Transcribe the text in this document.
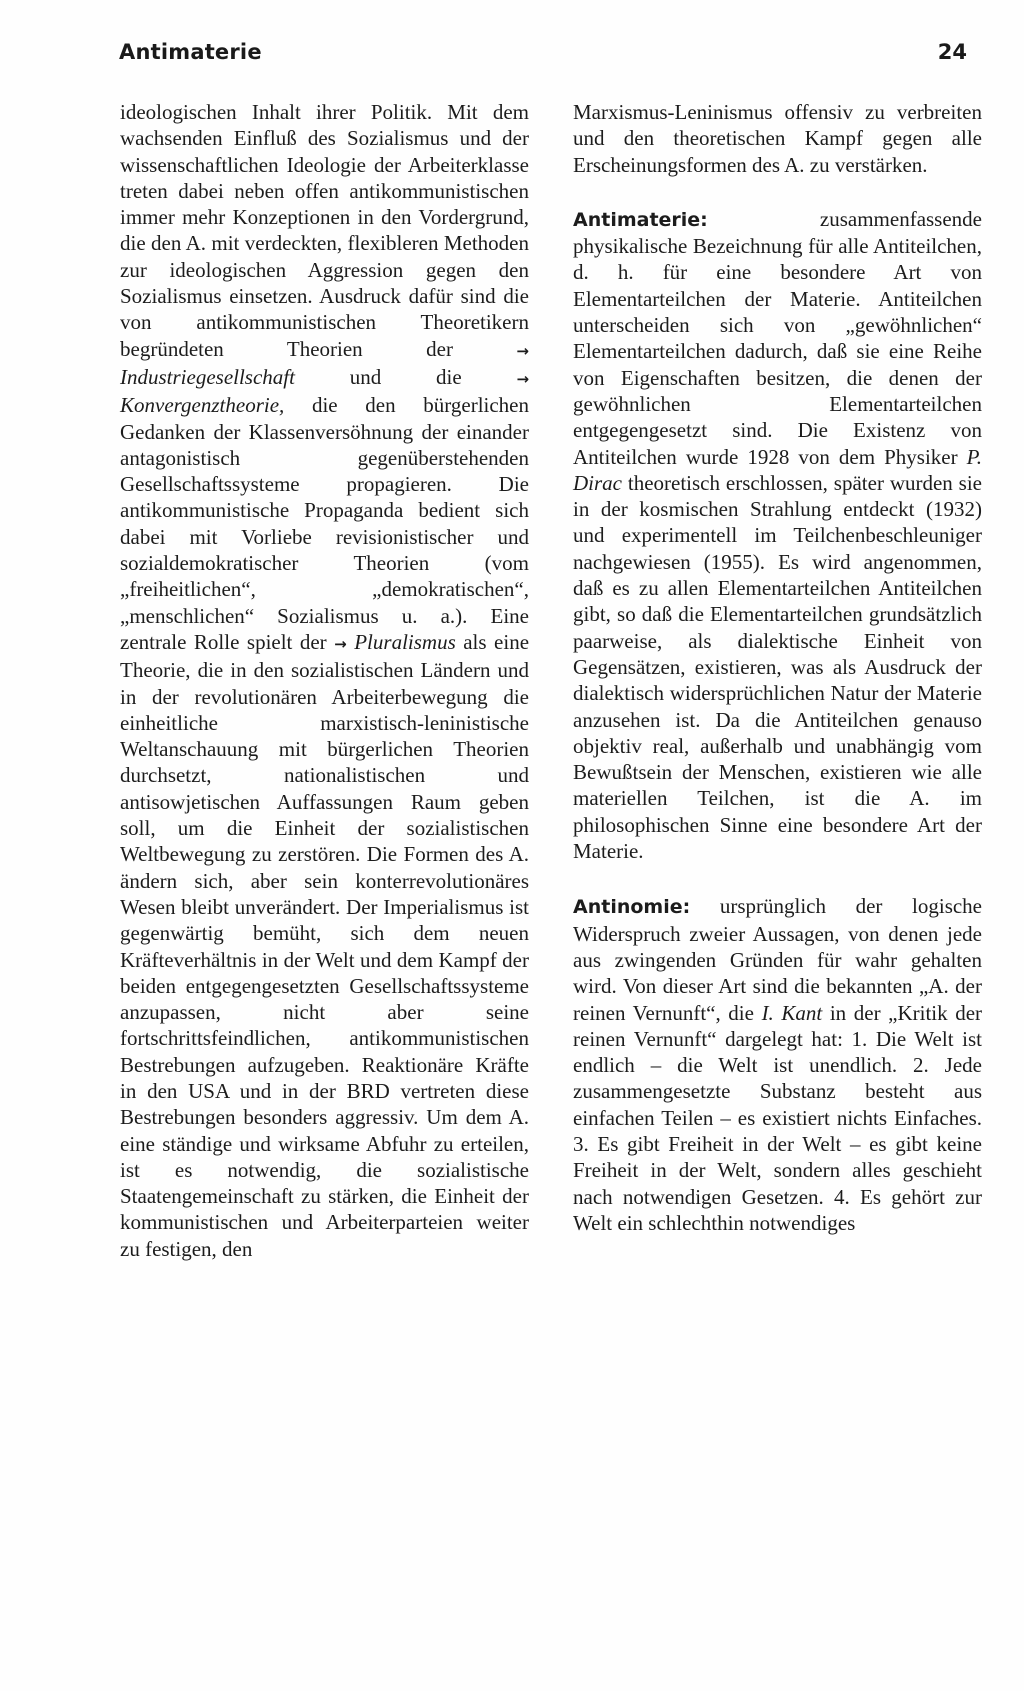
Antimaterie	24

ideologischen Inhalt ihrer Politik. Mit dem wachsenden Einfluß des Sozialismus und der wissenschaftlichen Ideologie der Arbeiterklasse treten dabei neben offen antikommunistischen immer mehr Konzeptionen in den Vordergrund, die den A. mit verdeckten, flexibleren Methoden zur ideologischen Aggression gegen den Sozialismus einsetzen. Ausdruck dafür sind die von antikommunistischen Theoretikern begründeten Theorien der	→ Industriegesellschaft	und die	→ Konvergenztheorie, die den bürgerlichen Gedanken der Klassenversöhnung der einander antagonistisch gegenüberstehenden Gesellschaftssysteme propagieren. Die antikommunistische Propaganda bedient sich dabei mit Vorliebe revisionistischer und sozialdemokratischer Theorien (vom „freiheitlichen“, „demokratischen“, „menschlichen“ Sozialismus u. a.). Eine zentrale Rolle spielt der → Pluralismus als eine Theorie, die in den sozialistischen Ländern und in der revolutionären Arbeiterbewegung die einheitliche marxistisch-leninistische Weltanschauung mit bürgerlichen Theorien durchsetzt, nationalistischen und antisowjetischen Auffassungen Raum geben soll, um die Einheit der sozialistischen Weltbewegung zu zerstören. Die Formen des A. ändern sich, aber sein konterrevolutionäres Wesen bleibt unverändert. Der Imperialismus ist gegenwärtig bemüht, sich dem neuen Kräfteverhältnis in der Welt und dem Kampf der beiden entgegengesetzten Gesellschaftssysteme anzupassen, nicht aber seine fortschrittsfeindlichen, antikommunistischen Bestrebungen aufzugeben. Reaktionäre Kräfte in den USA und in der BRD vertreten diese Bestrebungen besonders aggressiv. Um dem A. eine ständige und wirksame Abfuhr zu erteilen, ist es notwendig, die sozialistische Staatengemeinschaft zu stärken, die Einheit der kommunistischen und Arbeiterparteien weiter zu festigen, den

Marxismus-Leninismus offensiv zu verbreiten und den theoretischen Kampf gegen alle Erscheinungsformen des A. zu verstärken.

Antimaterie:	zusammenfassende physikalische Bezeichnung für alle Antiteilchen, d. h. für eine besondere Art von Elementarteilchen der Materie. Antiteilchen unterscheiden sich von „gewöhnlichen“ Elementarteilchen dadurch, daß sie eine Reihe von Eigenschaften besitzen, die denen der gewöhnlichen Elementarteilchen entgegengesetzt sind. Die Existenz von Antiteilchen wurde 1928 von dem Physiker P. Dirac theoretisch erschlossen, später wurden sie in der kosmischen Strahlung entdeckt (1932) und experimentell im Teilchenbeschleuniger nachgewiesen (1955). Es wird angenommen, daß es zu allen Elementarteilchen Antiteilchen gibt, so daß die Elementarteilchen grundsätzlich paarweise, als dialektische Einheit von Gegensätzen, existieren, was als Ausdruck der dialektisch widersprüchlichen Natur der Materie anzusehen ist. Da die Antiteilchen genauso objektiv real, außerhalb und unabhängig vom Bewußtsein der Menschen, existieren wie alle materiellen Teilchen, ist die A. im philosophischen Sinne eine besondere Art der Materie.

Antinomie: ursprünglich der logische Widerspruch zweier Aussagen, von denen jede aus zwingenden Gründen für wahr gehalten wird. Von dieser Art sind die bekannten „A. der reinen Vernunft“, die I. Kant in der „Kritik der reinen Vernunft“ dargelegt hat: 1. Die Welt ist endlich – die Welt ist unendlich. 2. Jede zusammengesetzte Substanz besteht aus einfachen Teilen – es existiert nichts Einfaches. 3. Es gibt Freiheit in der Welt – es gibt keine Freiheit in der Welt, sondern alles geschieht nach notwendigen Gesetzen. 4. Es gehört zur Welt ein schlechthin notwendiges
